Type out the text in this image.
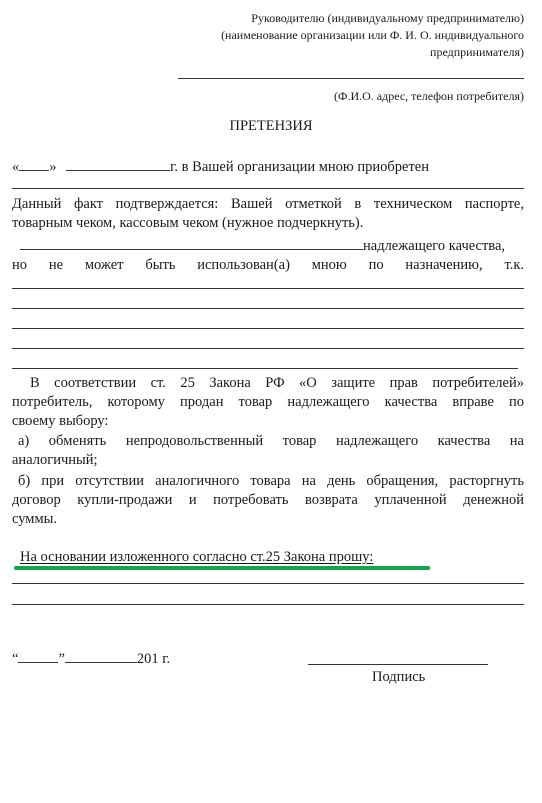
Руководителю (индивидуальному предпринимателю)
(наименование организации или Ф. И. О. индивидуального
предпринимателя)
(Ф.И.О. адрес, телефон потребителя)
ПРЕТЕНЗИЯ
« »	г. в Вашей организации мною приобретен
Данный факт подтверждается: Вашей отметкой в техническом паспорте,
товарным чеком, кассовым чеком (нужное подчеркнуть).
надлежащего качества,
но не может быть использован(а) мною по назначению, т.к.
В соответствии ст. 25 Закона РФ «О защите прав потребителей»
потребитель, которому продан товар надлежащего качества вправе по
своему выбору:
а) обменять непродовольственный товар надлежащего качества на
аналогичный;
б) при отсутствии аналогичного товара на день обращения, расторгнуть
договор купли-продажи и потребовать возврата уплаченной денежной
суммы.
На основании изложенного согласно ст.25 Закона прошу:
“	”	201 г.
Подпись
